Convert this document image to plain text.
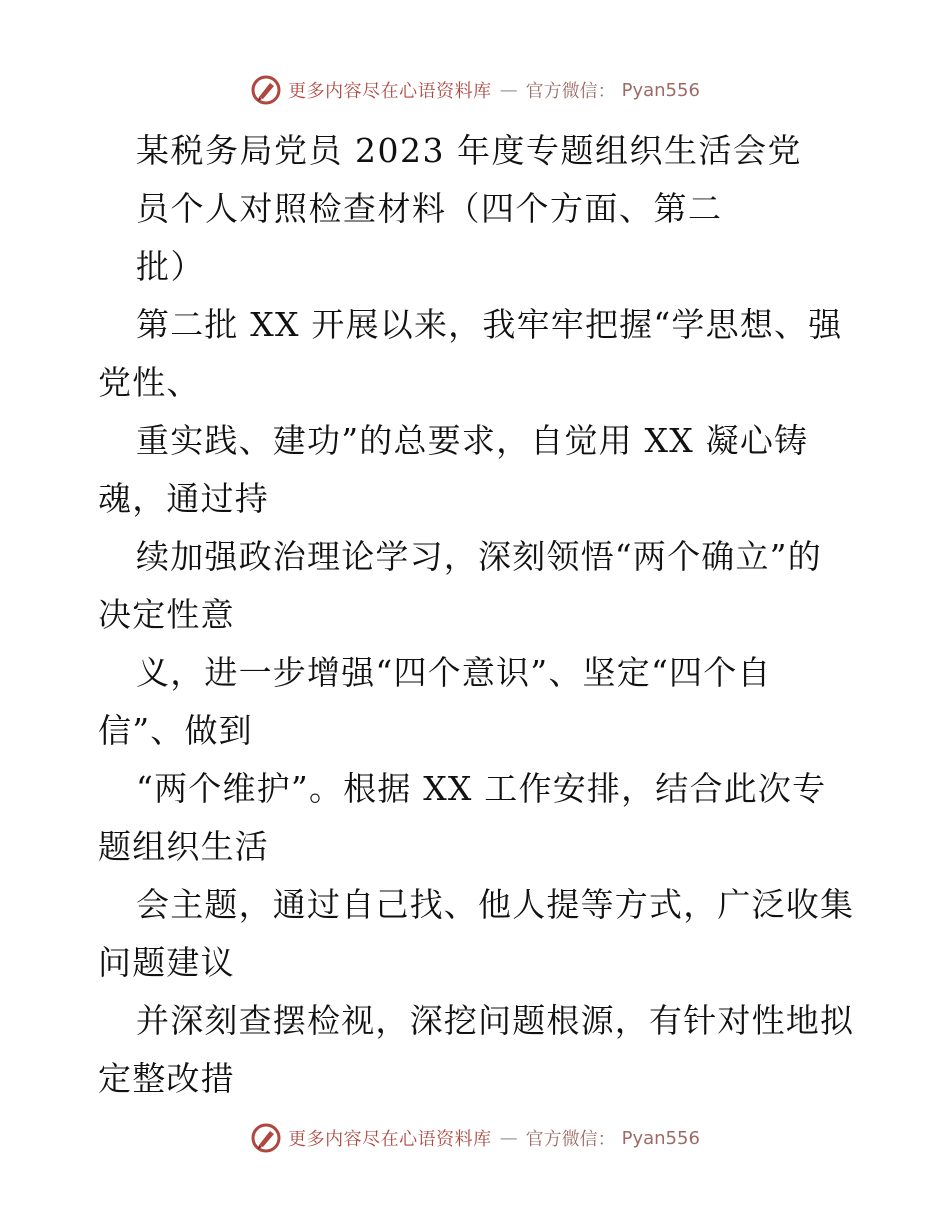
更多内容尽在心语资料库 — 官方微信： Pyan556
某税务局党员 2023 年度专题组织生活会党
员个人对照检查材料（四个方面、第二
批）
第二批 XX 开展以来，我牢牢把握“学思想、强
党性、
重实践、建功”的总要求，自觉用 XX 凝心铸
魂，通过持
续加强政治理论学习，深刻领悟“两个确立”的
决定性意
义，进一步增强“四个意识”、坚定“四个自
信”、做到
“两个维护”。根据 XX 工作安排，结合此次专
题组织生活
会主题，通过自己找、他人提等方式，广泛收集
问题建议
并深刻查摆检视，深挖问题根源，有针对性地拟
定整改措
更多内容尽在心语资料库 — 官方微信： Pyan556
